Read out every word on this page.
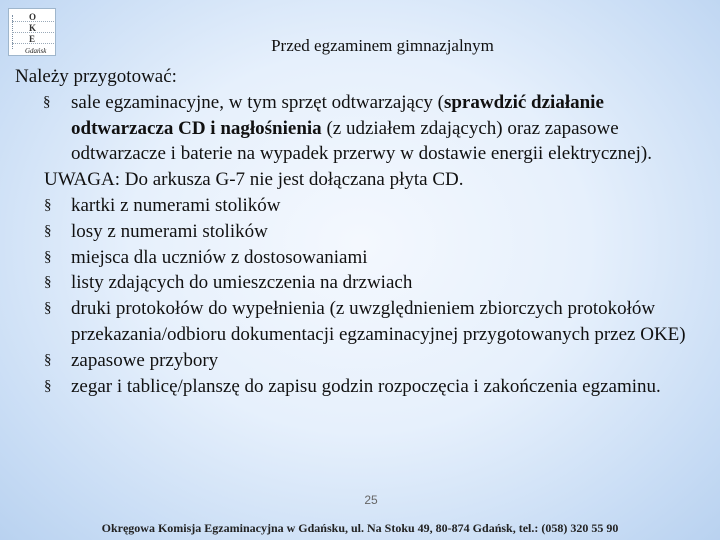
O
K
E
Gdańsk	Przed egzaminem gimnazjalnym

Należy przygotować:

§ sale egzaminacyjne, w tym sprzęt odtwarzający (sprawdzić działanie odtwarzacza CD i nagłośnienia (z udziałem zdających) oraz zapasowe odtwarzacze i baterie na wypadek przerwy w dostawie energii elektrycznej).

UWAGA: Do arkusza G-7 nie jest dołączana płyta CD.

§ kartki z numerami stolików

§ losy z numerami stolików

§ miejsca dla uczniów z dostosowaniami

§ listy zdających do umieszczenia na drzwiach

§ druki protokołów do wypełnienia (z uwzględnieniem zbiorczych protokołów przekazania/odbioru dokumentacji egzaminacyjnej przygotowanych przez OKE)

§ zapasowe przybory

§ zegar i tablicę/planszę do zapisu godzin rozpoczęcia i zakończenia egzaminu.

25
Okręgowa Komisja Egzaminacyjna w Gdańsku, ul. Na Stoku 49, 80-874 Gdańsk, tel.: (058) 320 55 90
